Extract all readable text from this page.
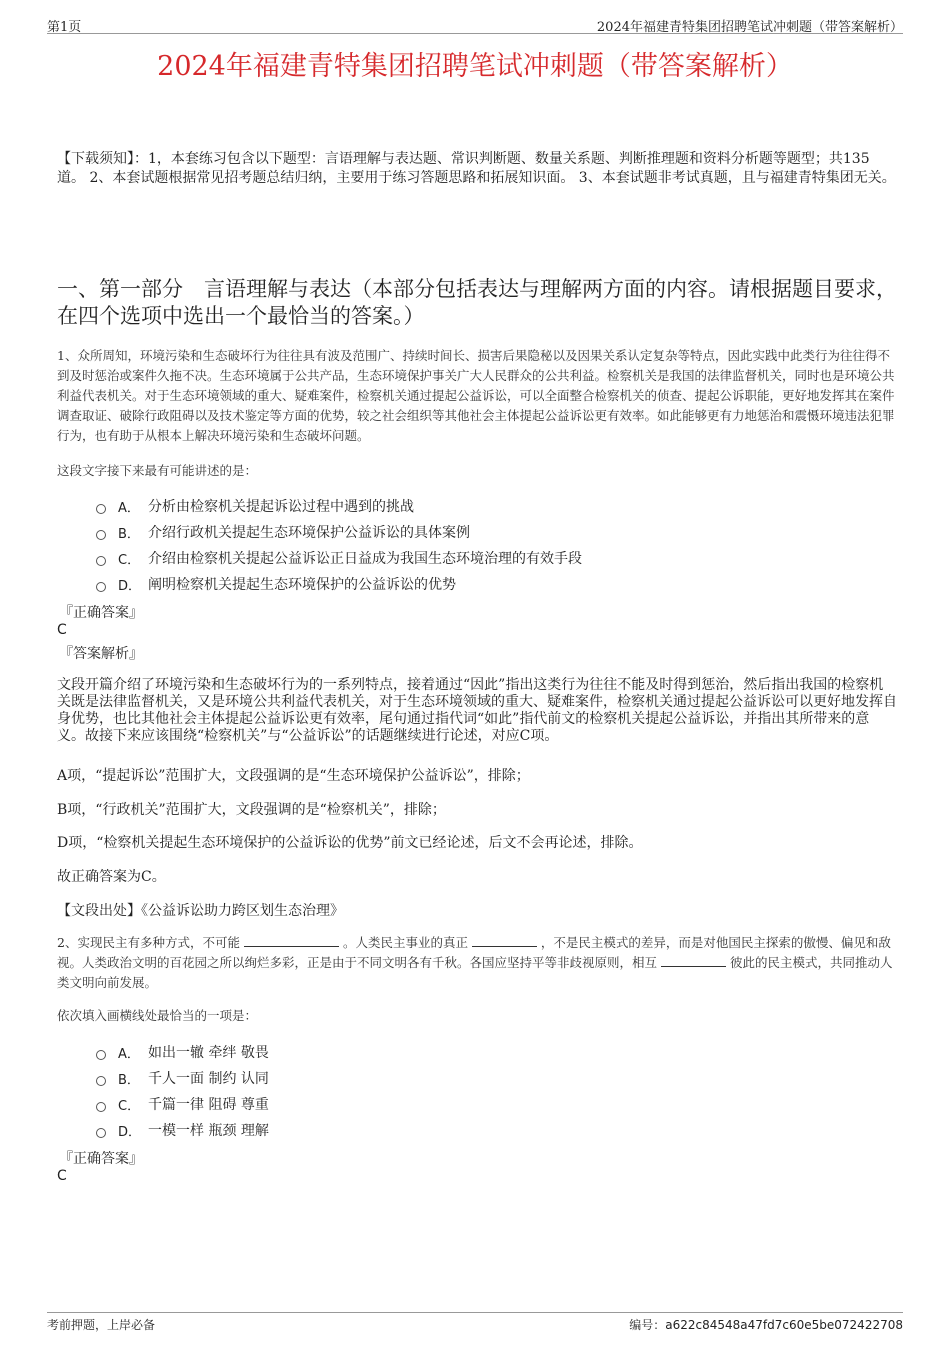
第1页	2024年福建青特集团招聘笔试冲刺题（带答案解析）
2024年福建青特集团招聘笔试冲刺题（带答案解析）
【下载须知】：1，本套练习包含以下题型：言语理解与表达题、常识判断题、数量关系题、判断推理题和资料分析题等题型；共135道。 2、本套试题根据常见招考题总结归纳，主要用于练习答题思路和拓展知识面。 3、本套试题非考试真题，且与福建青特集团无关。
一、第一部分　言语理解与表达（本部分包括表达与理解两方面的内容。请根据题目要求，在四个选项中选出一个最恰当的答案。）
1、众所周知，环境污染和生态破坏行为往往具有波及范围广、持续时间长、损害后果隐秘以及因果关系认定复杂等特点，因此实践中此类行为往往得不到及时惩治或案件久拖不决。生态环境属于公共产品，生态环境保护事关广大人民群众的公共利益。检察机关是我国的法律监督机关，同时也是环境公共利益代表机关。对于生态环境领域的重大、疑难案件，检察机关通过提起公益诉讼，可以全面整合检察机关的侦查、提起公诉职能，更好地发挥其在案件调查取证、破除行政阻碍以及技术鉴定等方面的优势，较之社会组织等其他社会主体提起公益诉讼更有效率。如此能够更有力地惩治和震慑环境违法犯罪行为，也有助于从根本上解决环境污染和生态破坏问题。
这段文字接下来最有可能讲述的是：
A． 分析由检察机关提起诉讼过程中遇到的挑战
B． 介绍行政机关提起生态环境保护公益诉讼的具体案例
C． 介绍由检察机关提起公益诉讼正日益成为我国生态环境治理的有效手段
D． 阐明检察机关提起生态环境保护的公益诉讼的优势
『正确答案』
C
『答案解析』
文段开篇介绍了环境污染和生态破坏行为的一系列特点，接着通过“因此”指出这类行为往往不能及时得到惩治，然后指出我国的检察机关既是法律监督机关，又是环境公共利益代表机关，对于生态环境领域的重大、疑难案件，检察机关通过提起公益诉讼可以更好地发挥自身优势，也比其他社会主体提起公益诉讼更有效率，尾句通过指代词“如此”指代前文的检察机关提起公益诉讼，并指出其所带来的意义。故接下来应该围绕“检察机关”与“公益诉讼”的话题继续进行论述，对应C项。
A项，“提起诉讼”范围扩大，文段强调的是“生态环境保护公益诉讼”，排除；
B项，“行政机关”范围扩大，文段强调的是“检察机关”，排除；
D项，“检察机关提起生态环境保护的公益诉讼的优势”前文已经论述，后文不会再论述，排除。
故正确答案为C。
【文段出处】《公益诉讼助力跨区划生态治理》
2、实现民主有多种方式，不可能	。人类民主事业的真正	，不是民主模式的差异，而是对他国民主探索的傲慢、偏见和敌视。人类政治文明的百花园之所以绚烂多彩，正是由于不同文明各有千秋。各国应坚持平等非歧视原则，相互	彼此的民主模式，共同推动人类文明向前发展。
依次填入画横线处最恰当的一项是：
A． 如出一辙 牵绊 敬畏
B． 千人一面 制约 认同
C． 千篇一律 阻碍 尊重
D． 一模一样 瓶颈 理解
『正确答案』
C
考前押题，上岸必备	编号：a622c84548a47fd7c60e5be072422708
